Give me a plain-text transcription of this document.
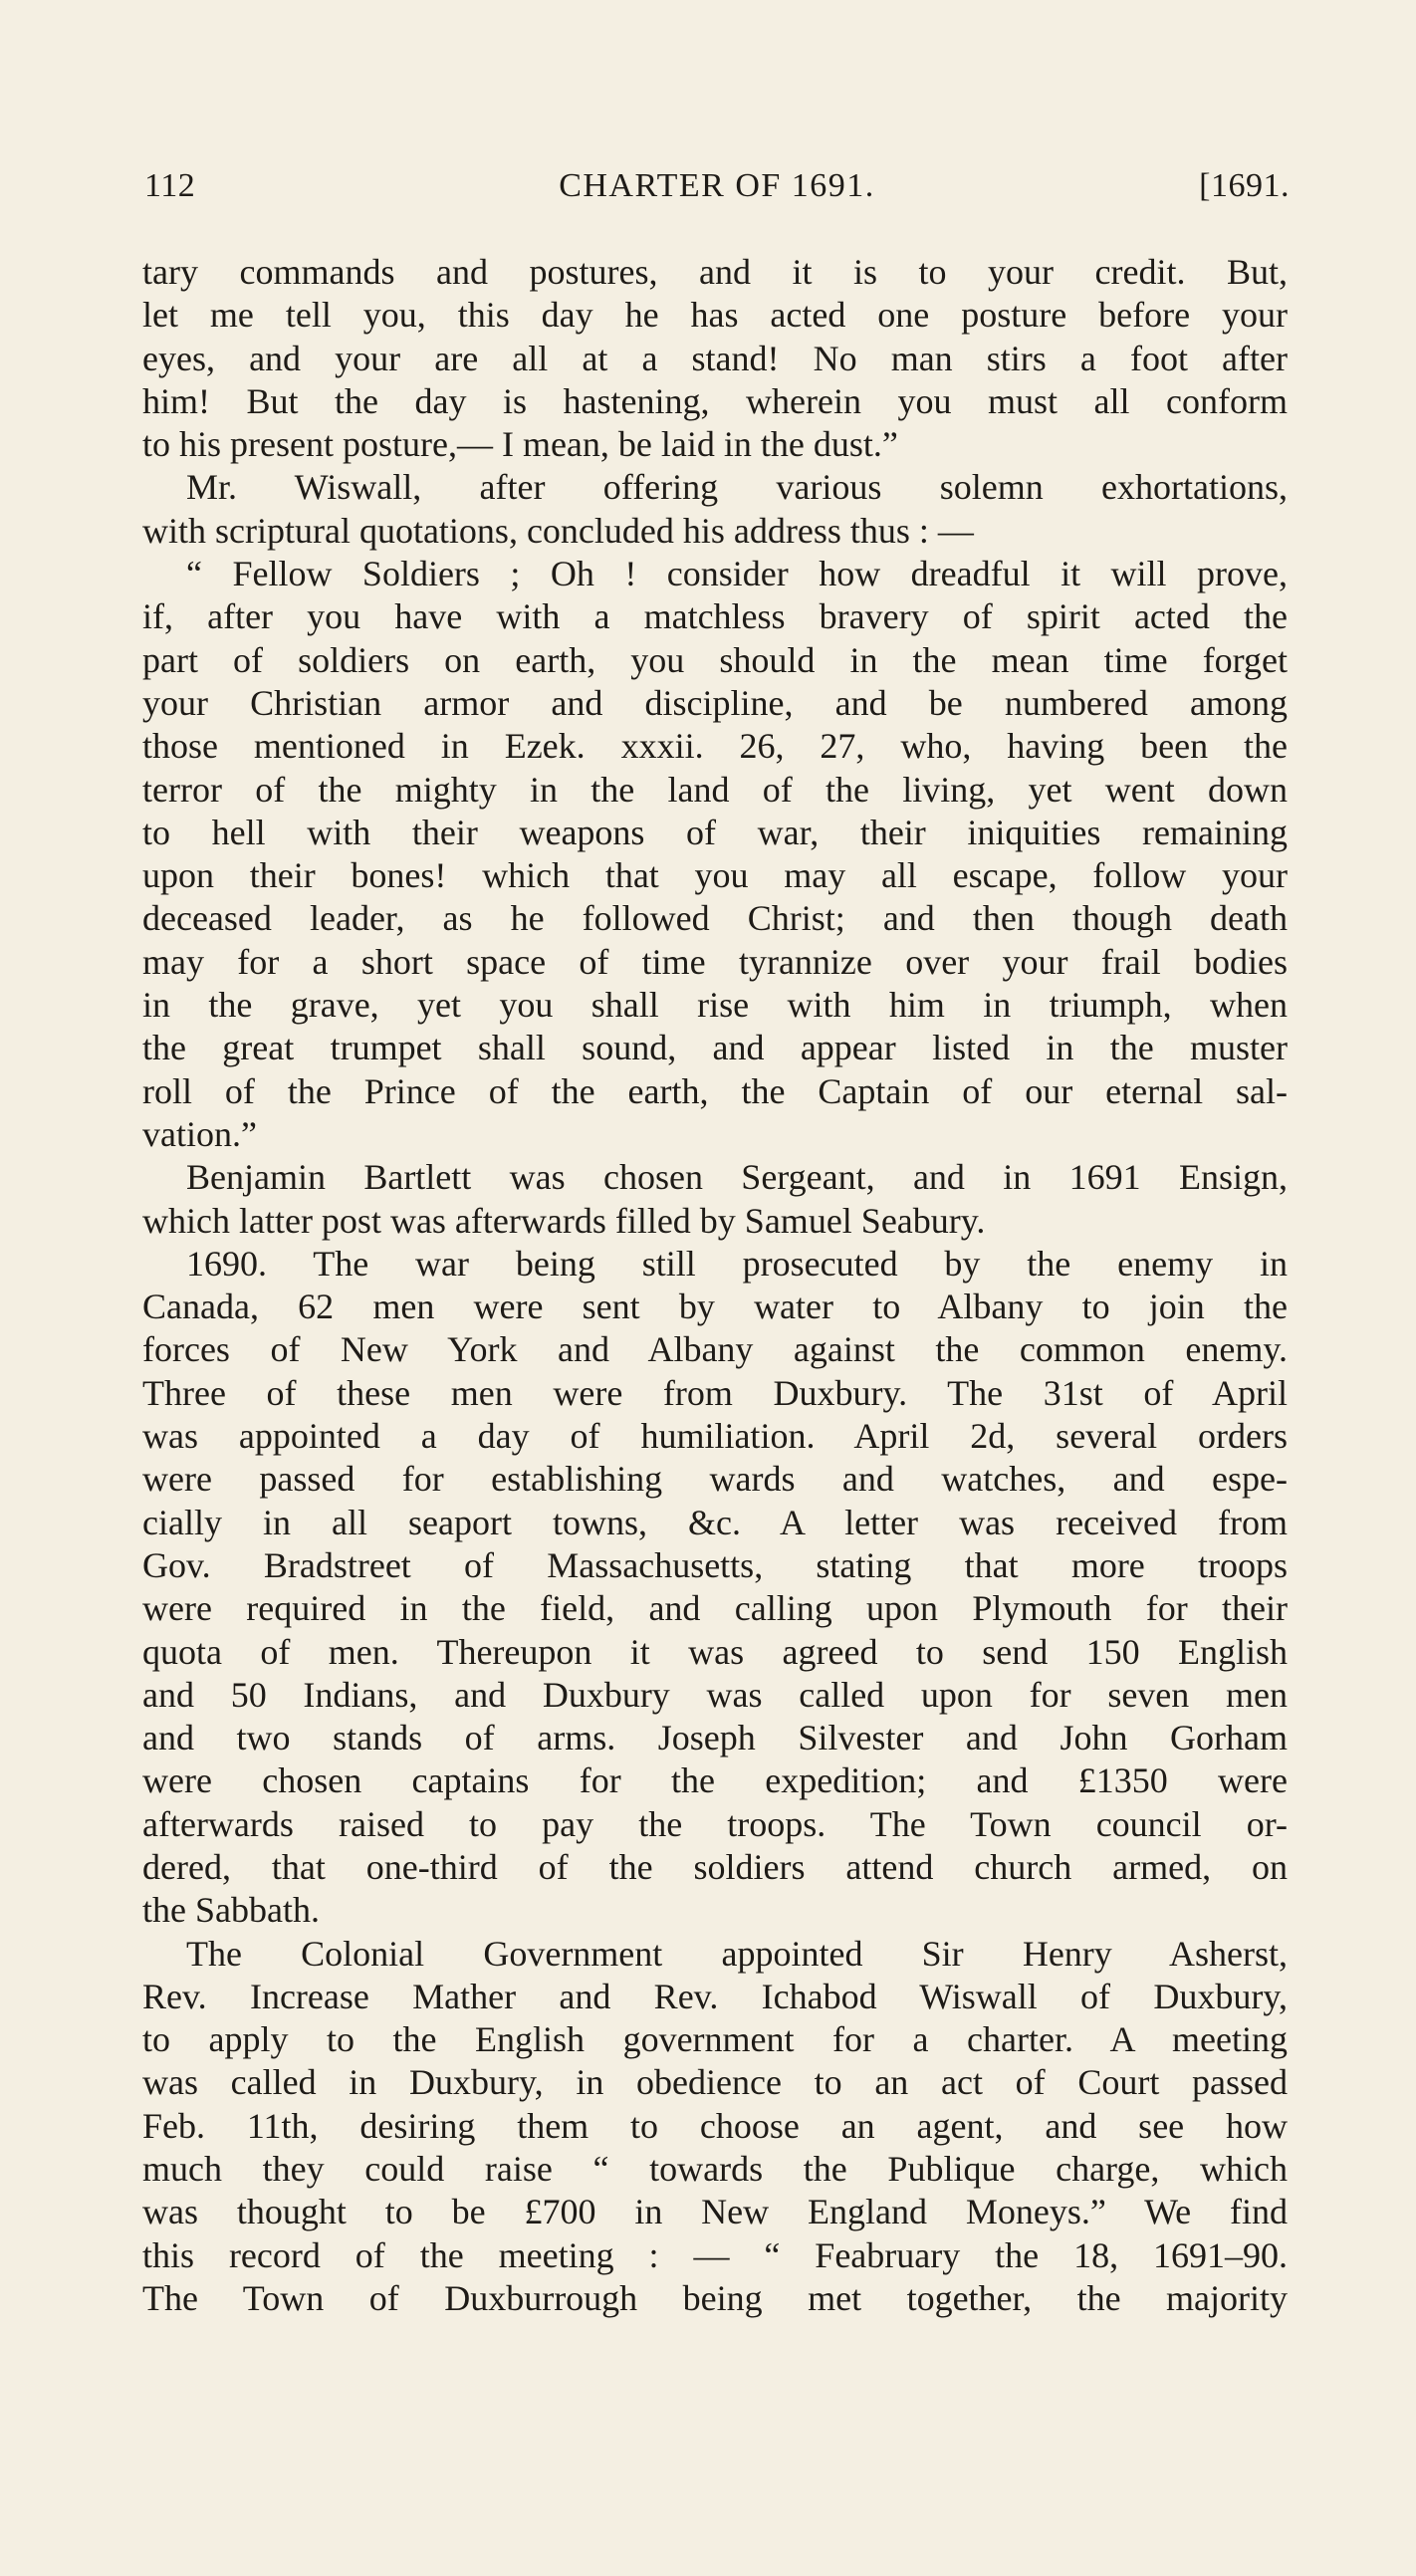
112	CHARTER OF 1691.	[1691.
tary commands and postures, and it is to your credit. But,
let me tell you, this day he has acted one posture before your
eyes, and your are all at a stand! No man stirs a foot after
him! But the day is hastening, wherein you must all conform
to his present posture,— I mean, be laid in the dust.”
Mr. Wiswall, after offering various solemn exhortations,
with scriptural quotations, concluded his address thus : —
“ Fellow Soldiers ; Oh ! consider how dreadful it will prove,
if, after you have with a matchless bravery of spirit acted the
part of soldiers on earth, you should in the mean time forget
your Christian armor and discipline, and be numbered among
those mentioned in Ezek. xxxii. 26, 27, who, having been the
terror of the mighty in the land of the living, yet went down
to hell with their weapons of war, their iniquities remaining
upon their bones! which that you may all escape, follow your
deceased leader, as he followed Christ; and then though death
may for a short space of time tyrannize over your frail bodies
in the grave, yet you shall rise with him in triumph, when
the great trumpet shall sound, and appear listed in the muster
roll of the Prince of the earth, the Captain of our eternal sal-
vation.”
Benjamin Bartlett was chosen Sergeant, and in 1691 Ensign,
which latter post was afterwards filled by Samuel Seabury.
1690. The war being still prosecuted by the enemy in
Canada, 62 men were sent by water to Albany to join the
forces of New York and Albany against the common enemy.
Three of these men were from Duxbury. The 31st of April
was appointed a day of humiliation. April 2d, several orders
were passed for establishing wards and watches, and espe-
cially in all seaport towns, &c. A letter was received from
Gov. Bradstreet of Massachusetts, stating that more troops
were required in the field, and calling upon Plymouth for their
quota of men. Thereupon it was agreed to send 150 English
and 50 Indians, and Duxbury was called upon for seven men
and two stands of arms. Joseph Silvester and John Gorham
were chosen captains for the expedition; and £1350 were
afterwards raised to pay the troops. The Town council or-
dered, that one-third of the soldiers attend church armed, on
the Sabbath.
The Colonial Government appointed Sir Henry Asherst,
Rev. Increase Mather and Rev. Ichabod Wiswall of Duxbury,
to apply to the English government for a charter. A meeting
was called in Duxbury, in obedience to an act of Court passed
Feb. 11th, desiring them to choose an agent, and see how
much they could raise “ towards the Publique charge, which
was thought to be £700 in New England Moneys.” We find
this record of the meeting : — “ Feabruary the 18, 1691–90.
The Town of Duxburrough being met together, the majority
